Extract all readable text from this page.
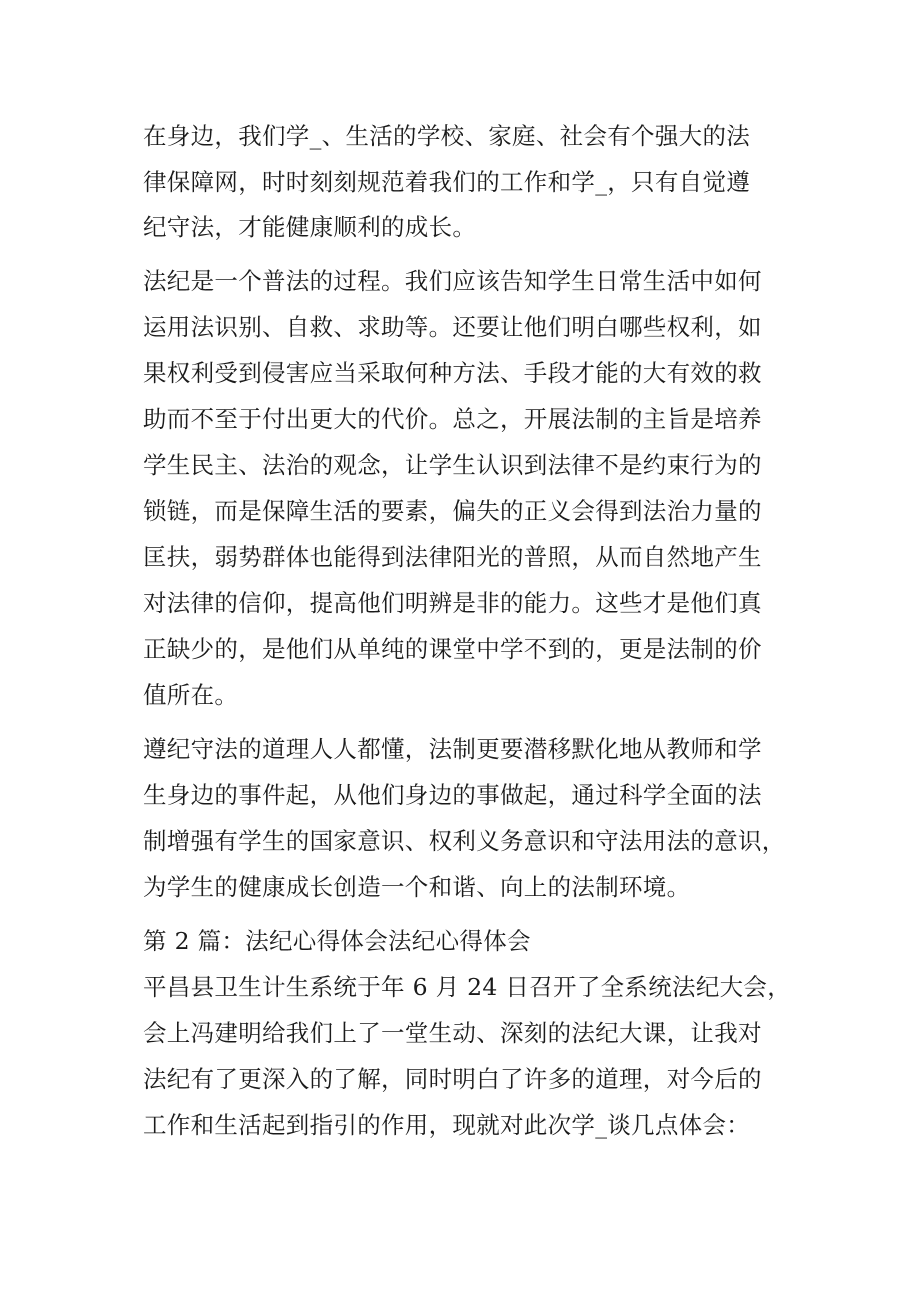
在身边，我们学_、生活的学校、家庭、社会有个强大的法

律保障网，时时刻刻规范着我们的工作和学_，只有自觉遵

纪守法，才能健康顺利的成长。

法纪是一个普法的过程。我们应该告知学生日常生活中如何

运用法识别、自救、求助等。还要让他们明白哪些权利，如

果权利受到侵害应当采取何种方法、手段才能的大有效的救

助而不至于付出更大的代价。总之，开展法制的主旨是培养

学生民主、法治的观念，让学生认识到法律不是约束行为的

锁链，而是保障生活的要素，偏失的正义会得到法治力量的

匡扶，弱势群体也能得到法律阳光的普照，从而自然地产生

对法律的信仰，提高他们明辨是非的能力。这些才是他们真

正缺少的，是他们从单纯的课堂中学不到的，更是法制的价

值所在。

遵纪守法的道理人人都懂，法制更要潜移默化地从教师和学

生身边的事件起，从他们身边的事做起，通过科学全面的法

制增强有学生的国家意识、权利义务意识和守法用法的意识，

为学生的健康成长创造一个和谐、向上的法制环境。

第 2 篇：法纪心得体会法纪心得体会

平昌县卫生计生系统于年 6 月 24 日召开了全系统法纪大会，

会上冯建明给我们上了一堂生动、深刻的法纪大课，让我对

法纪有了更深入的了解，同时明白了许多的道理，对今后的

工作和生活起到指引的作用，现就对此次学_谈几点体会：
